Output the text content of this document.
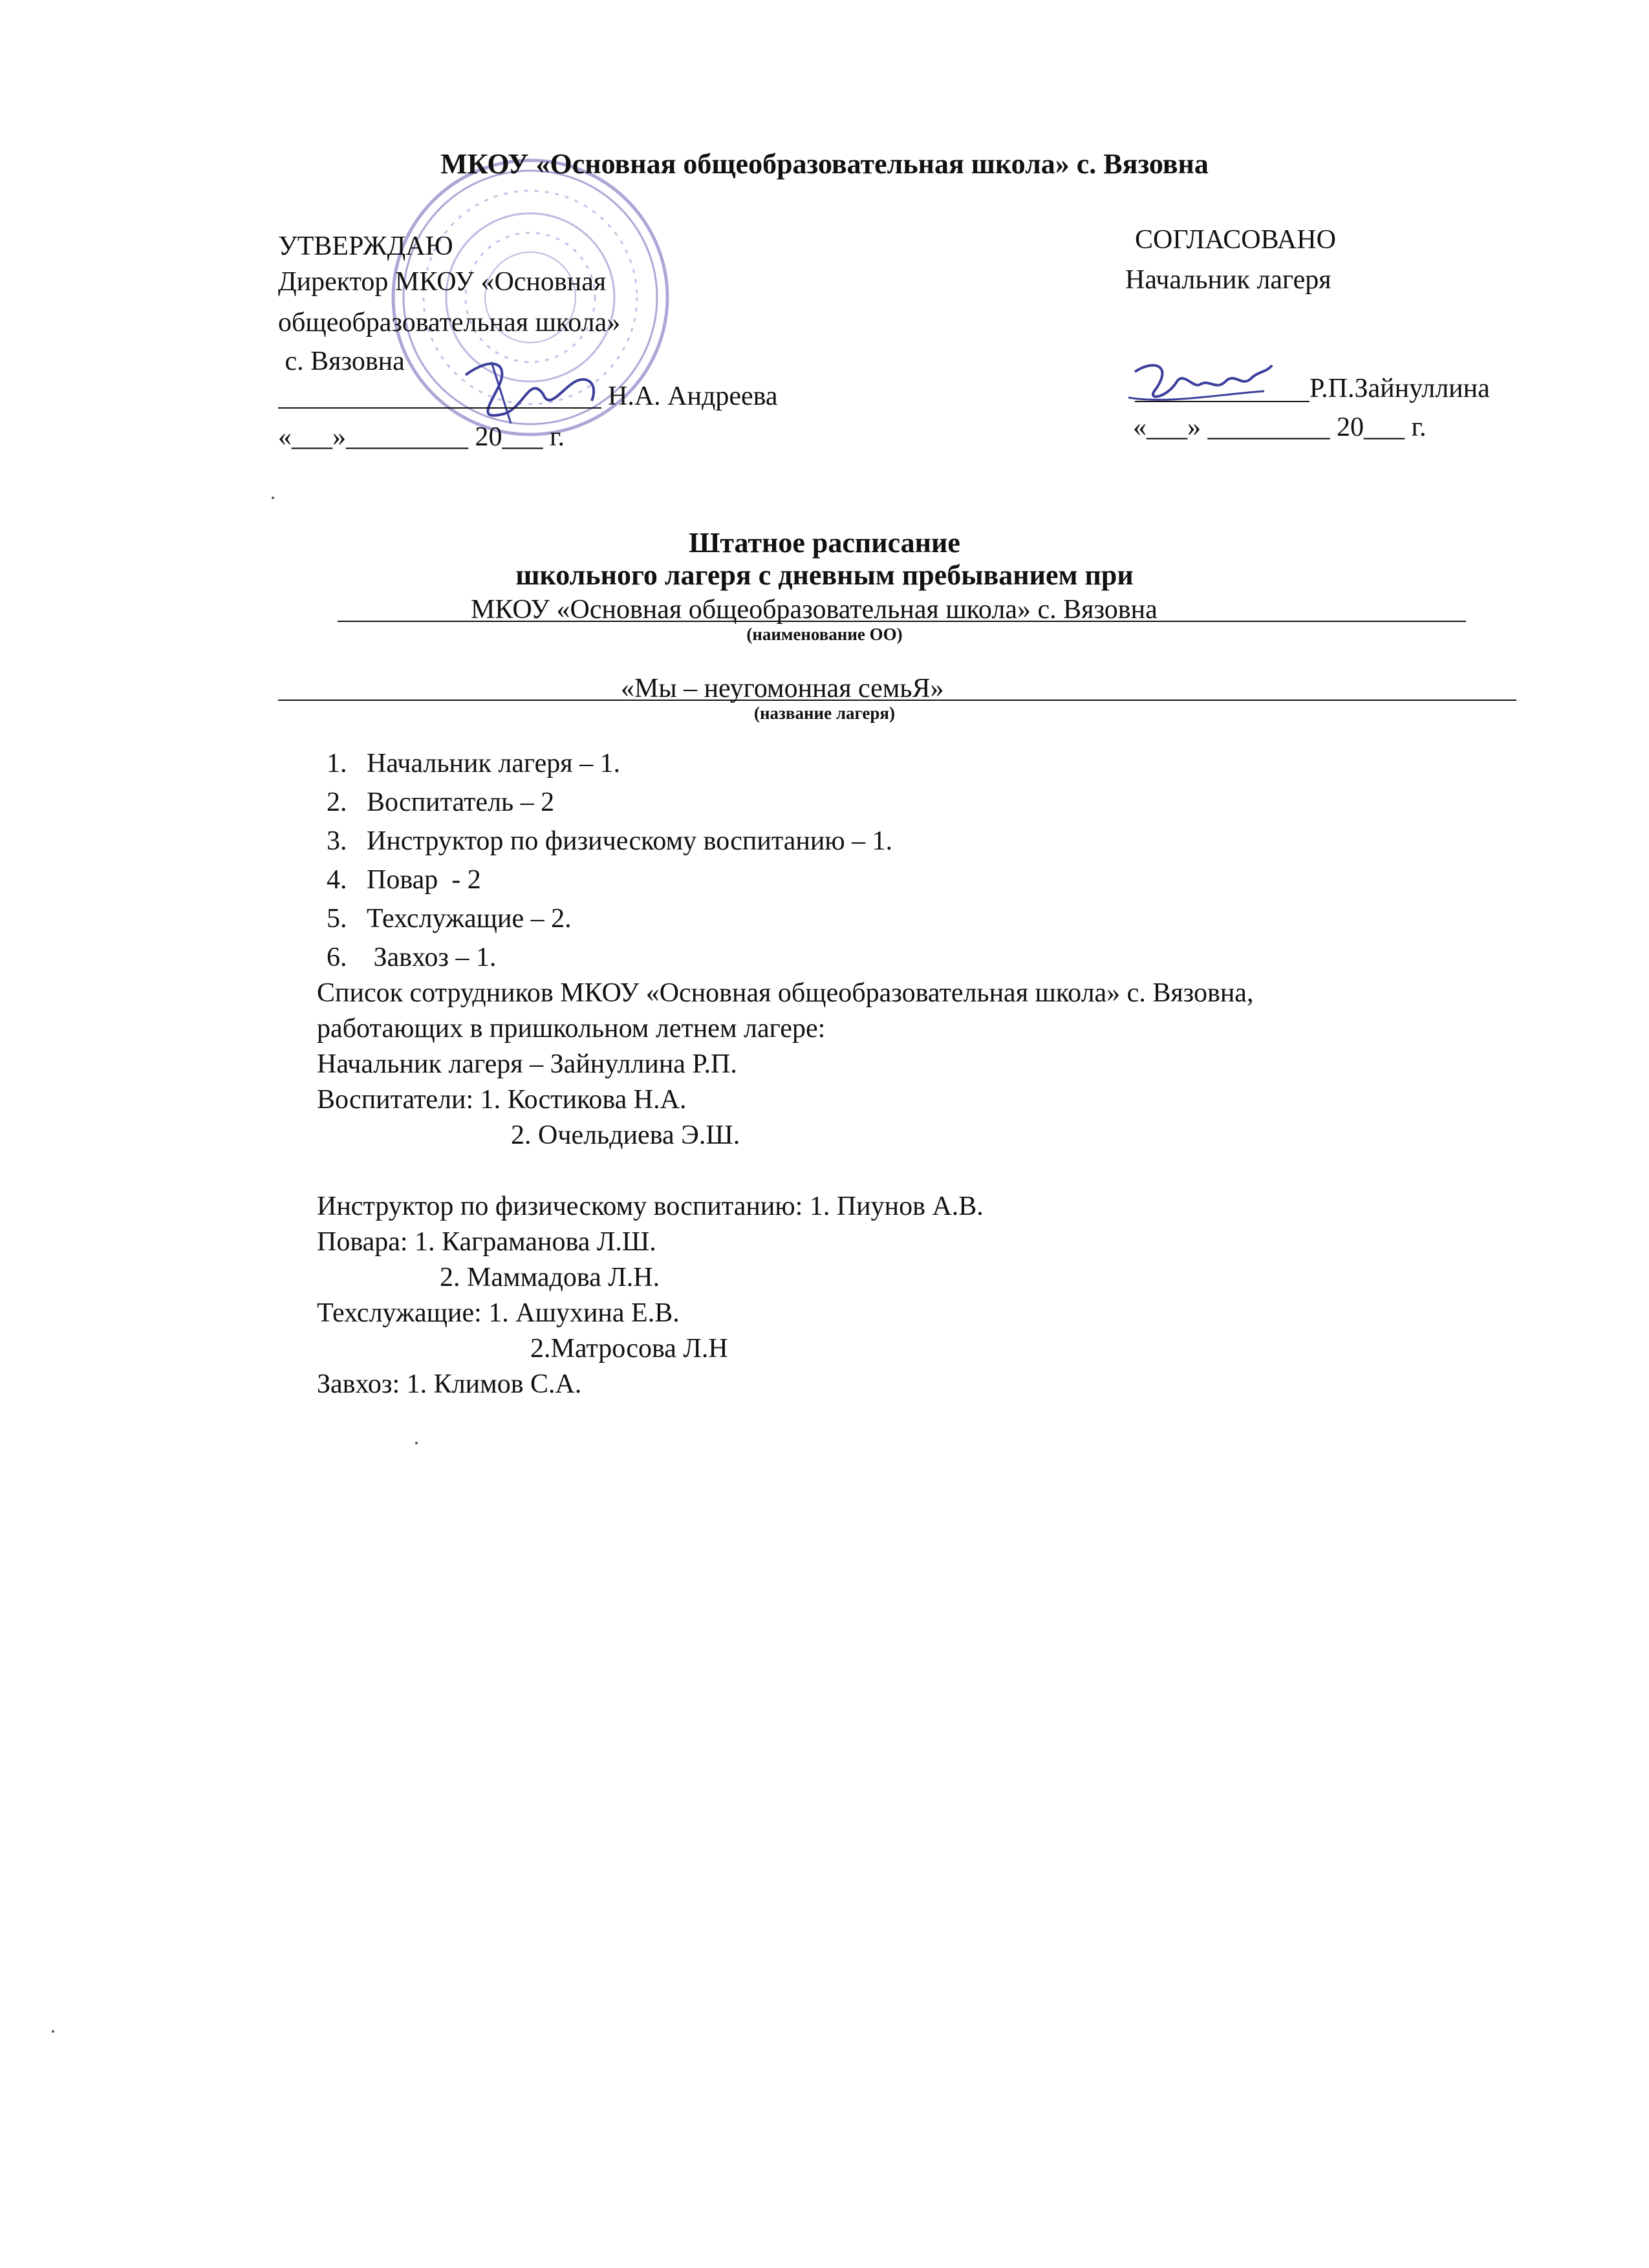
МКОУ «Основная общеобразовательная школа» с. Вязовна
УТВЕРЖДАЮ
Директор МКОУ «Основная
общеобразовательная школа»
с. Вязовна
Н.А. Андреева
«___»_________ 20___ г.
СОГЛАСОВАНО
Начальник лагеря
Р.П.Зайнуллина
«___» _________ 20___ г.
Штатное расписание
школьного лагеря с дневным пребыванием при
МКОУ «Основная общеобразовательная школа» с. Вязовна
(наименование ОО)
«Мы – неугомонная семьЯ»
(название лагеря)
1. Начальник лагеря – 1.
2. Воспитатель – 2
3. Инструктор по физическому воспитанию – 1.
4. Повар  - 2
5. Техслужащие – 2.
6. Завхоз – 1.
Список сотрудников МКОУ «Основная общеобразовательная школа» с. Вязовна,
работающих в пришкольном летнем лагере:
Начальник лагеря – Зайнуллина Р.П.
Воспитатели: 1. Костикова Н.А.
2. Очельдиева Э.Ш.
Инструктор по физическому воспитанию: 1. Пиунов А.В.
Повара: 1. Каграманова Л.Ш.
2. Маммадова Л.Н.
Техслужащие: 1. Ашухина Е.В.
2.Матросова Л.Н
Завхоз: 1. Климов С.А.
